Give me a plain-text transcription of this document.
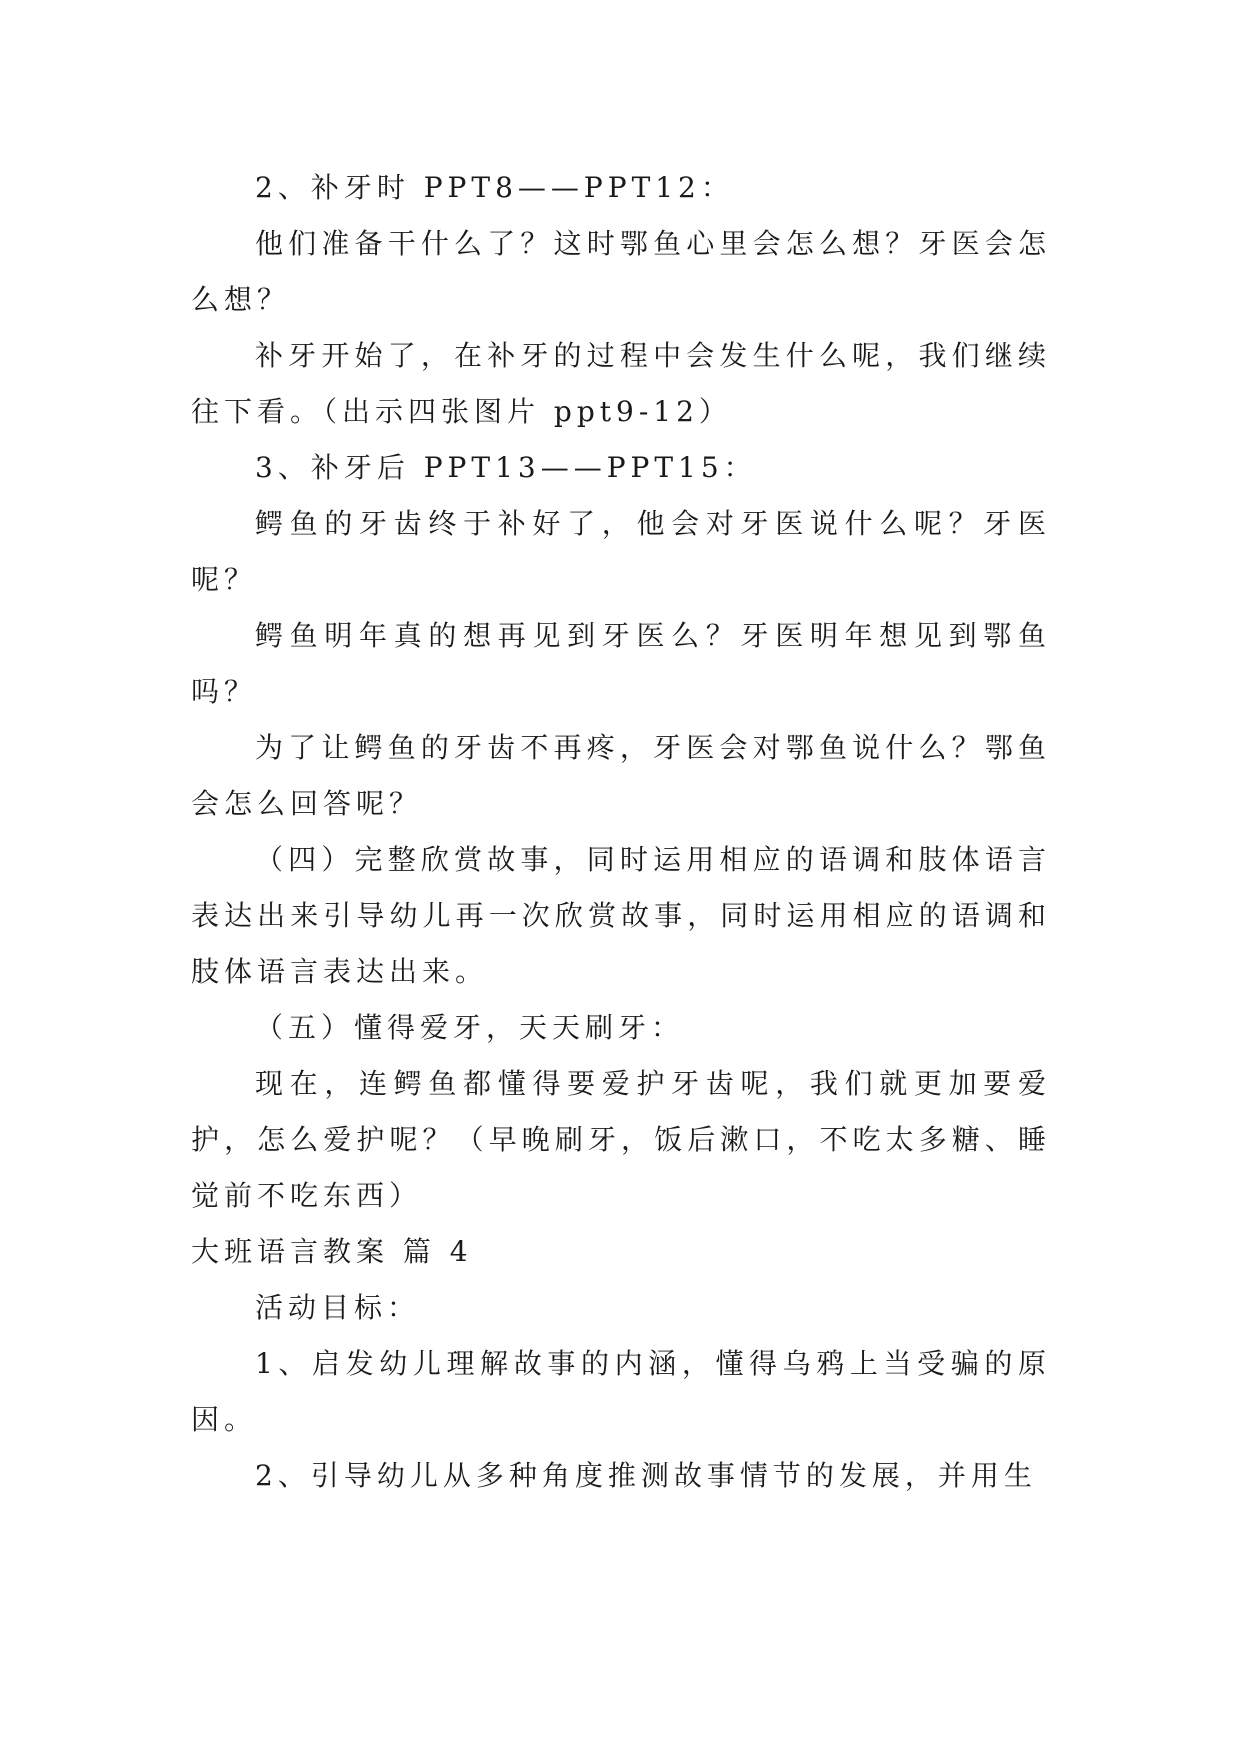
2、补牙时 PPT8——PPT12：

他们准备干什么了？这时鄂鱼心里会怎么想？牙医会怎么想？

补牙开始了，在补牙的过程中会发生什么呢，我们继续往下看。（出示四张图片 ppt9-12）

3、补牙后 PPT13——PPT15：

鳄鱼的牙齿终于补好了，他会对牙医说什么呢？牙医呢？

鳄鱼明年真的想再见到牙医么？牙医明年想见到鄂鱼吗？

为了让鳄鱼的牙齿不再疼，牙医会对鄂鱼说什么？鄂鱼会怎么回答呢？

（四）完整欣赏故事，同时运用相应的语调和肢体语言表达出来引导幼儿再一次欣赏故事，同时运用相应的语调和肢体语言表达出来。

（五）懂得爱牙，天天刷牙：

现在，连鳄鱼都懂得要爱护牙齿呢，我们就更加要爱护，怎么爱护呢？（早晚刷牙，饭后漱口，不吃太多糖、睡觉前不吃东西）

大班语言教案 篇 4

活动目标：

1、启发幼儿理解故事的内涵，懂得乌鸦上当受骗的原因。

2、引导幼儿从多种角度推测故事情节的发展，并用生
